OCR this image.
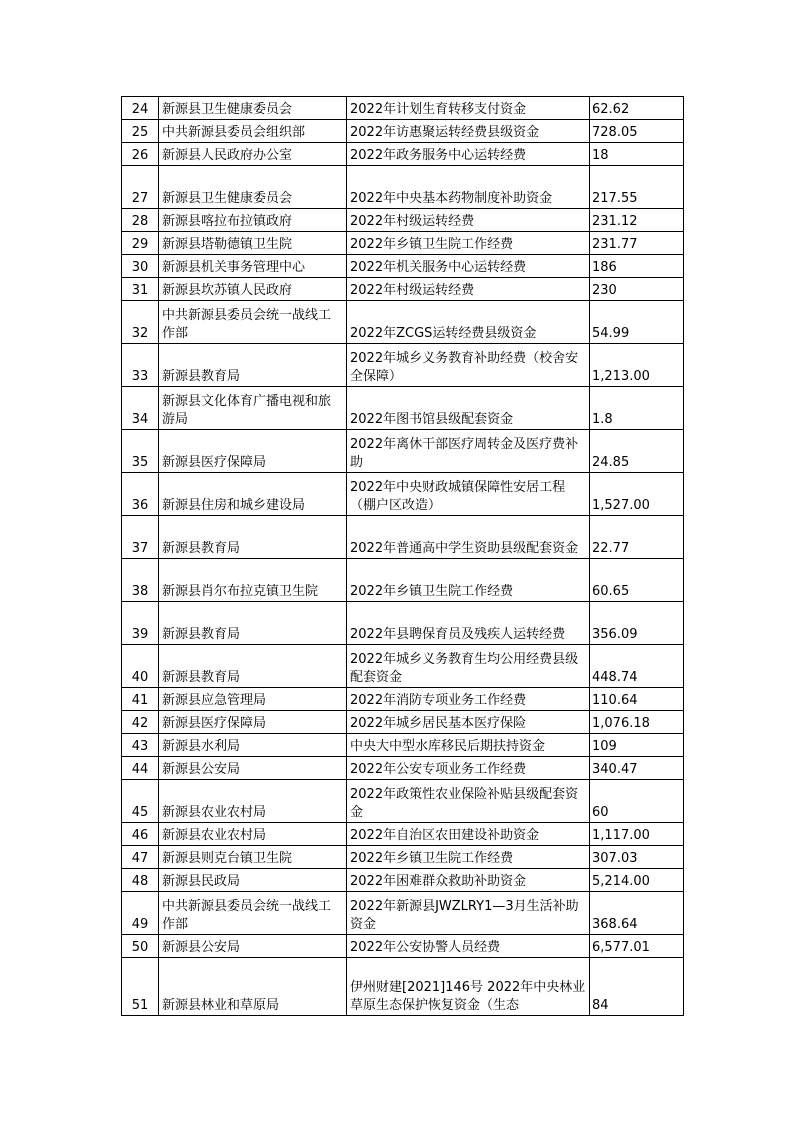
24	新源县卫生健康委员会	2022年计划生育转移支付资金	62.62
25	中共新源县委员会组织部	2022年访惠聚运转经费县级资金	728.05
26	新源县人民政府办公室	2022年政务服务中心运转经费	18
27	新源县卫生健康委员会	2022年中央基本药物制度补助资金	217.55
28	新源县喀拉布拉镇政府	2022年村级运转经费	231.12
29	新源县塔勒德镇卫生院	2022年乡镇卫生院工作经费	231.77
30	新源县机关事务管理中心	2022年机关服务中心运转经费	186
31	新源县坎苏镇人民政府	2022年村级运转经费	230
32	中共新源县委员会统一战线工作部	2022年ZCGS运转经费县级资金	54.99
33	新源县教育局	2022年城乡义务教育补助经费（校舍安全保障）	1,213.00
34	新源县文化体育广播电视和旅游局	2022年图书馆县级配套资金	1.8
35	新源县医疗保障局	2022年离休干部医疗周转金及医疗费补助	24.85
36	新源县住房和城乡建设局	2022年中央财政城镇保障性安居工程（棚户区改造）	1,527.00
37	新源县教育局	2022年普通高中学生资助县级配套资金	22.77
38	新源县肖尔布拉克镇卫生院	2022年乡镇卫生院工作经费	60.65
39	新源县教育局	2022年县聘保育员及残疾人运转经费	356.09
40	新源县教育局	2022年城乡义务教育生均公用经费县级配套资金	448.74
41	新源县应急管理局	2022年消防专项业务工作经费	110.64
42	新源县医疗保障局	2022年城乡居民基本医疗保险	1,076.18
43	新源县水利局	中央大中型水库移民后期扶持资金	109
44	新源县公安局	2022年公安专项业务工作经费	340.47
45	新源县农业农村局	2022年政策性农业保险补贴县级配套资金	60
46	新源县农业农村局	2022年自治区农田建设补助资金	1,117.00
47	新源县则克台镇卫生院	2022年乡镇卫生院工作经费	307.03
48	新源县民政局	2022年困难群众救助补助资金	5,214.00
49	中共新源县委员会统一战线工作部	2022年新源县JWZLRY1—3月生活补助资金	368.64
50	新源县公安局	2022年公安协警人员经费	6,577.01
51	新源县林业和草原局	伊州财建[2021]146号 2022年中央林业草原生态保护恢复资金（生态	84
